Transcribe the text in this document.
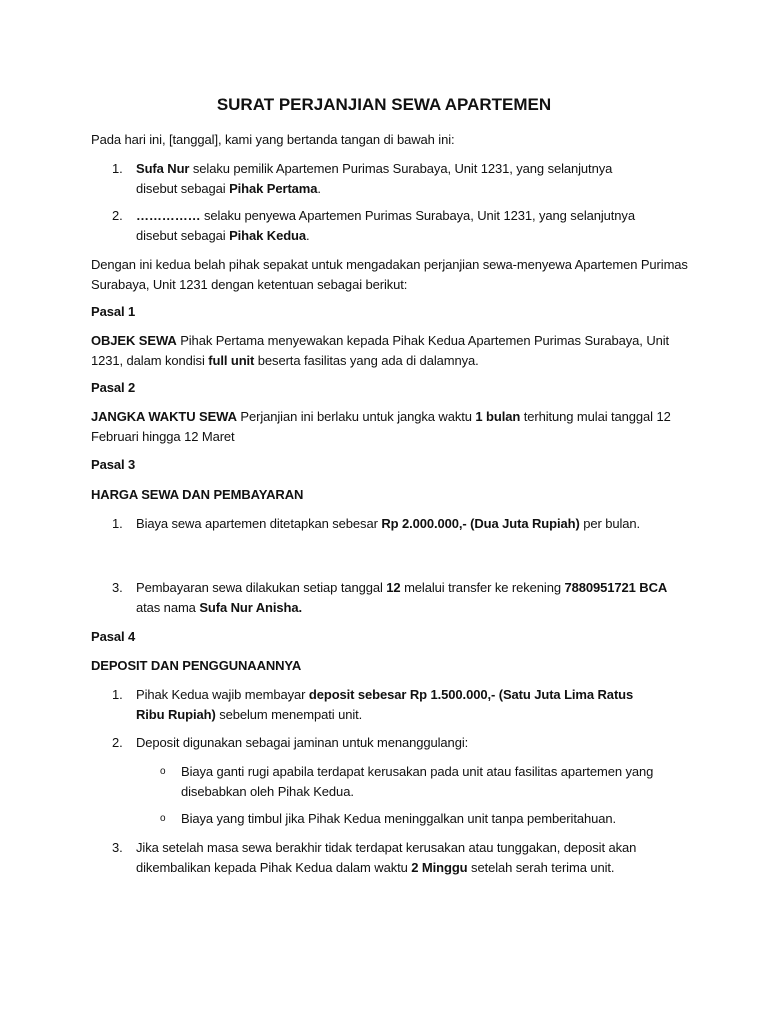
SURAT PERJANJIAN SEWA APARTEMEN

Pada hari ini, [tanggal], kami yang bertanda tangan di bawah ini:

1.	Sufa Nur selaku pemilik Apartemen Purimas Surabaya, Unit 1231, yang selanjutnya disebut sebagai Pihak Pertama.

2.	…………… selaku penyewa Apartemen Purimas Surabaya, Unit 1231, yang selanjutnya disebut sebagai Pihak Kedua.

Dengan ini kedua belah pihak sepakat untuk mengadakan perjanjian sewa-menyewa Apartemen Purimas Surabaya, Unit 1231 dengan ketentuan sebagai berikut:

Pasal 1

OBJEK SEWA Pihak Pertama menyewakan kepada Pihak Kedua Apartemen Purimas Surabaya, Unit 1231, dalam kondisi full unit beserta fasilitas yang ada di dalamnya.

Pasal 2

JANGKA WAKTU SEWA Perjanjian ini berlaku untuk jangka waktu 1 bulan terhitung mulai tanggal 12 Februari hingga 12 Maret

Pasal 3

HARGA SEWA DAN PEMBAYARAN

1.	Biaya sewa apartemen ditetapkan sebesar Rp 2.000.000,- (Dua Juta Rupiah) per bulan.

3.	Pembayaran sewa dilakukan setiap tanggal 12 melalui transfer ke rekening 7880951721 BCA atas nama Sufa Nur Anisha.

Pasal 4

DEPOSIT DAN PENGGUNAANNYA

1.	Pihak Kedua wajib membayar deposit sebesar Rp 1.500.000,- (Satu Juta Lima Ratus Ribu Rupiah) sebelum menempati unit.

2.	Deposit digunakan sebagai jaminan untuk menanggulangi:

o	Biaya ganti rugi apabila terdapat kerusakan pada unit atau fasilitas apartemen yang disebabkan oleh Pihak Kedua.

o	Biaya yang timbul jika Pihak Kedua meninggalkan unit tanpa pemberitahuan.

3.	Jika setelah masa sewa berakhir tidak terdapat kerusakan atau tunggakan, deposit akan dikembalikan kepada Pihak Kedua dalam waktu 2 Minggu setelah serah terima unit.
